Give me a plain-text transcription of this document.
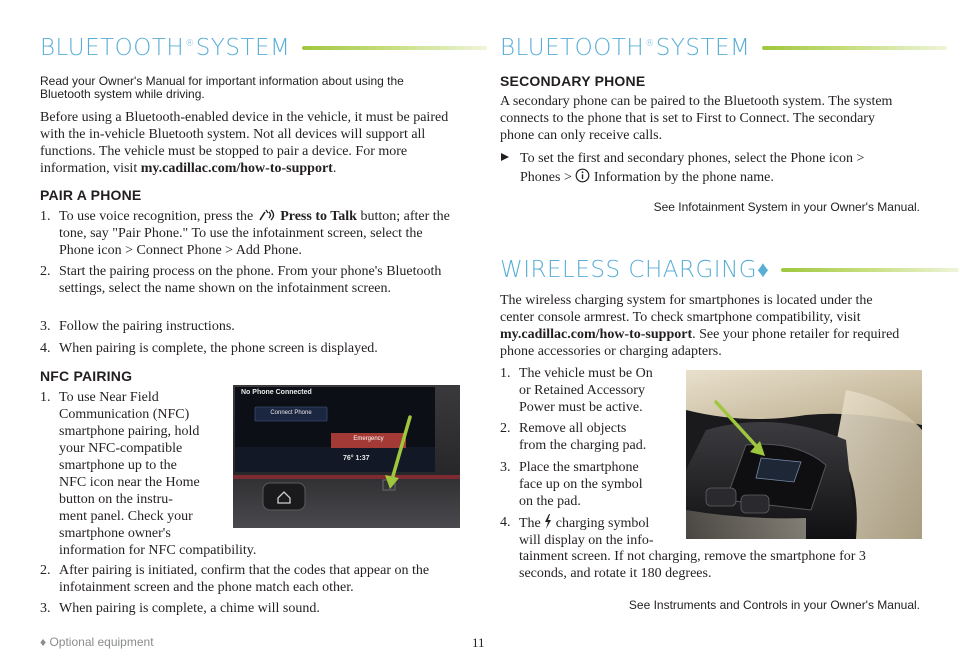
BLUETOOTH® SYSTEM
Read your Owner's Manual for important information about using the Bluetooth system while driving.
Before using a Bluetooth-enabled device in the vehicle, it must be paired with the in-vehicle Bluetooth system. Not all devices will support all functions. The vehicle must be stopped to pair a device. For more information, visit my.cadillac.com/how-to-support.
PAIR A PHONE
1. To use voice recognition, press the  Press to Talk button; after the tone, say "Pair Phone." To use the infotainment screen, select the Phone icon > Connect Phone > Add Phone.
2. Start the pairing process on the phone. From your phone's Bluetooth settings, select the name shown on the infotainment screen.
3. Follow the pairing instructions.
4. When pairing is complete, the phone screen is displayed.
NFC PAIRING
1. To use Near Field
Communication (NFC)
smartphone pairing, hold
your NFC-compatible
smartphone up to the
NFC icon near the Home
button on the instru-
ment panel. Check your
smartphone owner's
information for NFC compatibility.
No Phone Connected
Connect Phone
Emergency
76° 1:37
2. After pairing is initiated, confirm that the codes that appear on the infotainment screen and the phone match each other.
3. When pairing is complete, a chime will sound.
BLUETOOTH® SYSTEM
SECONDARY PHONE
A secondary phone can be paired to the Bluetooth system. The system connects to the phone that is set to First to Connect. The secondary phone can only receive calls.
To set the first and secondary phones, select the Phone icon >
Phones >  Information by the phone name.
See Infotainment System in your Owner's Manual.
WIRELESS CHARGING♦
The wireless charging system for smartphones is located under the center console armrest. To check smartphone compatibility, visit my.cadillac.com/how-to-support. See your phone retailer for required phone accessories or charging adapters.
1. The vehicle must be On
or Retained Accessory
Power must be active.
2. Remove all objects
from the charging pad.
3. Place the smartphone
face up on the symbol
on the pad.
4. The  charging symbol
will display on the info-

tainment screen. If not charging, remove the smartphone for 3 seconds, and rotate it 180 degrees.
See Instruments and Controls in your Owner's Manual.
♦ Optional equipment	11
